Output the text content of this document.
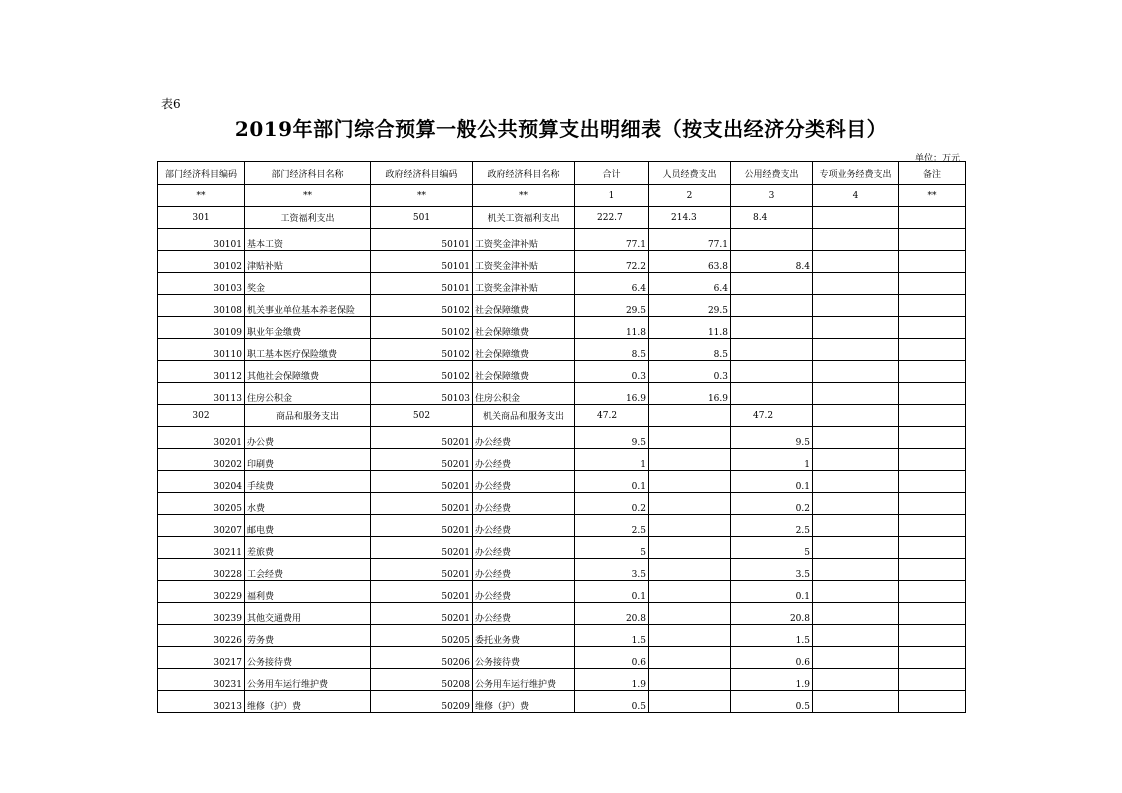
表6
2019年部门综合预算一般公共预算支出明细表（按支出经济分类科目）
单位：万元
部门经济科目编码	部门经济科目名称	政府经济科目编码	政府经济科目名称	合计	人员经费支出	公用经费支出	专项业务经费支出	备注
**	**	**	**	1	2	3	4	**
301	工资福利支出	501	机关工资福利支出	222.7	214.3	8.4		
30101	基本工资	50101	工资奖金津补贴	77.1	77.1			
30102	津贴补贴	50101	工资奖金津补贴	72.2	63.8	8.4		
30103	奖金	50101	工资奖金津补贴	6.4	6.4			
30108	机关事业单位基本养老保险	50102	社会保障缴费	29.5	29.5			
30109	职业年金缴费	50102	社会保障缴费	11.8	11.8			
30110	职工基本医疗保险缴费	50102	社会保障缴费	8.5	8.5			
30112	其他社会保障缴费	50102	社会保障缴费	0.3	0.3			
30113	住房公积金	50103	住房公积金	16.9	16.9			
302	商品和服务支出	502	机关商品和服务支出	47.2		47.2		
30201	办公费	50201	办公经费	9.5		9.5		
30202	印刷费	50201	办公经费	1		1		
30204	手续费	50201	办公经费	0.1		0.1		
30205	水费	50201	办公经费	0.2		0.2		
30207	邮电费	50201	办公经费	2.5		2.5		
30211	差旅费	50201	办公经费	5		5		
30228	工会经费	50201	办公经费	3.5		3.5		
30229	福利费	50201	办公经费	0.1		0.1		
30239	其他交通费用	50201	办公经费	20.8		20.8		
30226	劳务费	50205	委托业务费	1.5		1.5		
30217	公务接待费	50206	公务接待费	0.6		0.6		
30231	公务用车运行维护费	50208	公务用车运行维护费	1.9		1.9		
30213	维修（护）费	50209	维修（护）费	0.5		0.5		
